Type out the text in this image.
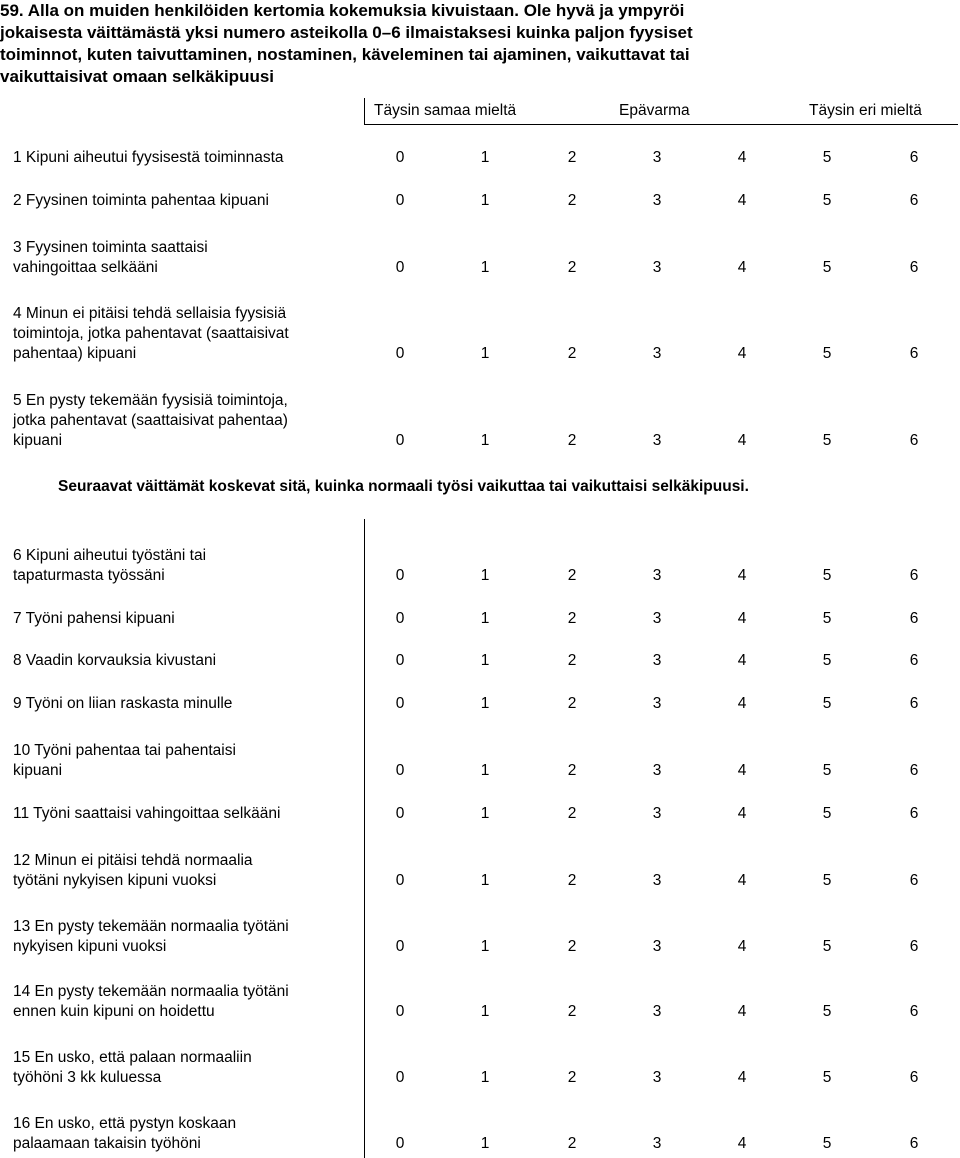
59. Alla on muiden henkilöiden kertomia kokemuksia kivuistaan. Ole hyvä ja ympyröi
jokaisesta väittämästä yksi numero asteikolla 0–6 ilmaistaksesi kuinka paljon fyysiset
toiminnot, kuten taivuttaminen, nostaminen, käveleminen tai ajaminen, vaikuttavat tai
vaikuttaisivat omaan selkäkipuusi
Täysin samaa mieltä	Epävarma	Täysin eri mieltä
1 Kipuni aiheutui fyysisestä toiminnasta	0	1	2	3	4	5	6
2 Fyysinen toiminta pahentaa kipuani	0	1	2	3	4	5	6
3 Fyysinen toiminta saattaisi
vahingoittaa selkääni	0	1	2	3	4	5	6
4 Minun ei pitäisi tehdä sellaisia fyysisiä
toimintoja, jotka pahentavat (saattaisivat
pahentaa) kipuani	0	1	2	3	4	5	6
5 En pysty tekemään fyysisiä toimintoja,
jotka pahentavat (saattaisivat pahentaa)
kipuani	0	1	2	3	4	5	6
Seuraavat väittämät koskevat sitä, kuinka normaali työsi vaikuttaa tai vaikuttaisi selkäkipuusi.
6 Kipuni aiheutui työstäni tai
tapaturmasta työssäni	0	1	2	3	4	5	6
7 Työni pahensi kipuani	0	1	2	3	4	5	6
8 Vaadin korvauksia kivustani	0	1	2	3	4	5	6
9 Työni on liian raskasta minulle	0	1	2	3	4	5	6
10 Työni pahentaa tai pahentaisi
kipuani	0	1	2	3	4	5	6
11 Työni saattaisi vahingoittaa selkääni	0	1	2	3	4	5	6
12 Minun ei pitäisi tehdä normaalia
työtäni nykyisen kipuni vuoksi	0	1	2	3	4	5	6
13 En pysty tekemään normaalia työtäni
nykyisen kipuni vuoksi	0	1	2	3	4	5	6
14 En pysty tekemään normaalia työtäni
ennen kuin kipuni on hoidettu	0	1	2	3	4	5	6
15 En usko, että palaan normaaliin
työhöni 3 kk kuluessa	0	1	2	3	4	5	6
16 En usko, että pystyn koskaan
palaamaan takaisin työhöni	0	1	2	3	4	5	6
